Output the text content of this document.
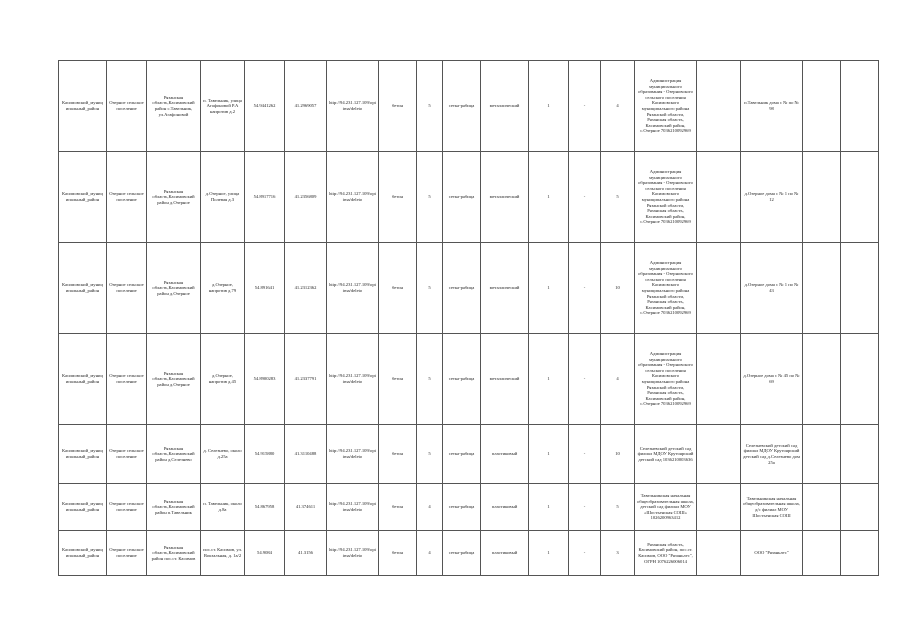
Касимовский_муниципальный_район	Озерное сельское поселение	Рязанская область,Касимовский район с.Тавельник, ул.Агафоновой	п. Тавельник, улица Агафоновой Р.А напротив д.2	54.9441262	41.2969057	http://94.231.127.109/opt ima/deleto	бетон	5	сетка-рабица	металлический	1	-	4	Администрация муниципального образования - Озерновского сельского поселения Касимовского муниципального района Рязанской области, Рязанская область, Касимовский район, с.Озерное 7036210092969		п.Тавельник дома с № по № 98		
Касимовский_муниципальный_район	Озерное сельское поселение	Рязанская область,Касимовский район д.Озерное	д.Озерное, улица Полевая д.3	54.8917716	41.2356809	http://94.231.127.109/opt ima/deleto	бетон	5	сетка-рабица	металлический	1	-	5	Администрация муниципального образования - Озерновского сельского поселения Касимовского муниципального района Рязанской области, Рязанская область, Касимовский район, с.Озерное 7036210092969		д.Озерное дома с № 1 по № 12		
Касимовский_муниципальный_район	Озерное сельское поселение	Рязанская область,Касимовский район д.Озерное	д.Озерное, напротив д.79	54.891641	41.2312362	http://94.231.127.109/opt ima/deleto	бетон	5	сетка-рабица	металлический	1	-	10	Администрация муниципального образования - Озерновского сельского поселения Касимовского муниципального района Рязанской области, Рязанская область, Касимовский район, с.Озерное 7036210092969		д.Озерное дома с № 1 по № 43		
Касимовский_муниципальный_район	Озерное сельское поселение	Рязанская область,Касимовский район д.Озерное	д.Озерное, напротив д.45	54.8900283	41.2337791	http://94.231.127.109/opt ima/deleto	бетон	5	сетка-рабица	металлический	1	-	4	Администрация муниципального образования - Озерновского сельского поселения Касимовского муниципального района Рязанской области, Рязанская область, Касимовский район, с.Озерное 7036210092969		д.Озерное дома с № 45 по № 69		
Касимовский_муниципальный_район	Озерное сельское поселение	Рязанская область,Касимовский район д.Селезнево	д. Селезнево, около д.25а	54.915880	41.3110488	http://94.231.127.109/opt ima/deleto	бетон	5	сетка-рабица	пластиковый	1	-	10	Селезневский детский сад филиал МДОУ Крутоярский детский сад 1036210003636		Селезневский детский сад филиал МДОУ Крутоярский детский сад д.Селезнево дом 25а		
Касимовский_муниципальный_район	Озерное сельское поселение	Рязанская область,Касимовский район п.Тавельник	п. Тавельник, около д.8а	54.867958	41.374611	http://94.231.127.109/opt ima/deleto	бетон	4	сетка-рабица	пластиковый	1	-	5	Тавельникская начальная общеобразовательная школа, детский сад филиал МОУ «Шостьенская СОШ» 1026200963412		Тавельникская начальная общеобразовательная школа, д/с филиал МОУ Шостьенская СОШ		
Касимовский_муниципальный_район	Озерное сельское поселение	Рязанская область,Касимовский район пос.ст. Касимов	пос.ст. Касимов, ул. Вокзальная, д. 1а/2	54.9084	41.3156	http://94.231.127.109/opt ima/deleto	бетон	4	сетка-рабица	пластиковый	1	-	3	Рязанская область, Касимовский район, пос.ст. Касимов, ООО "Рязаньлес", ОГРН 1076226006014		ООО "Рязаньлес"		
